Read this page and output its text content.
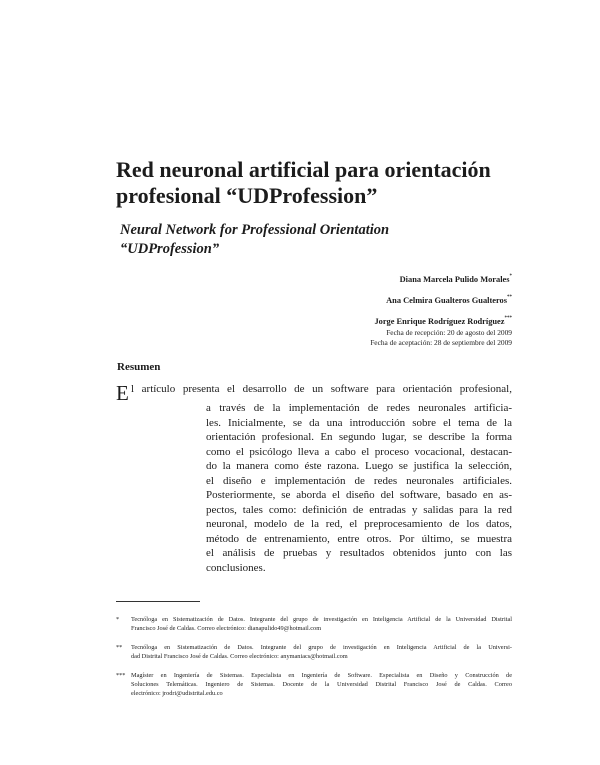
Red neuronal artificial para orientación
profesional “UDProfession”
Neural Network for Professional Orientation
“UDProfession”
Diana Marcela Pulido Morales*
Ana Celmira Gualteros Gualteros**
Jorge Enrique Rodríguez Rodríguez***
Fecha de recepción: 20 de agosto del 2009
Fecha de aceptación: 28 de septiembre del 2009
Resumen
E l artículo presenta el desarrollo de un software para orientación profesional,
a través de la implementación de redes neuronales artificia-
les. Inicialmente, se da una introducción sobre el tema de la
orientación profesional. En segundo lugar, se describe la forma
como el psicólogo lleva a cabo el proceso vocacional, destacan-
do la manera como éste razona. Luego se justifica la selección,
el diseño e implementación de redes neuronales artificiales.
Posteriormente, se aborda el diseño del software, basado en as-
pectos, tales como: definición de entradas y salidas para la red
neuronal, modelo de la red, el preprocesamiento de los datos,
método de entrenamiento, entre otros. Por último, se muestra
el análisis de pruebas y resultados obtenidos junto con las
conclusiones.
* Tecnóloga en Sistematización de Datos. Integrante del grupo de investigación en Inteligencia Artificial de la Universidad Distrital
Francisco José de Caldas. Correo electrónico: dianapulido49@hotmail.com
** Tecnóloga en Sistematización de Datos. Integrante del grupo de investigación en Inteligencia Artificial de la Universi-
dad Distrital Francisco José de Caldas. Correo electrónico: anymaniacs@hotmail.com
*** Magíster en Ingeniería de Sistemas. Especialista en Ingeniería de Software. Especialista en Diseño y Construcción de
Soluciones Telemáticas. Ingeniero de Sistemas. Docente de la Universidad Distrital Francisco José de Caldas. Correo
electrónico: jrodri@udistrital.edu.co
